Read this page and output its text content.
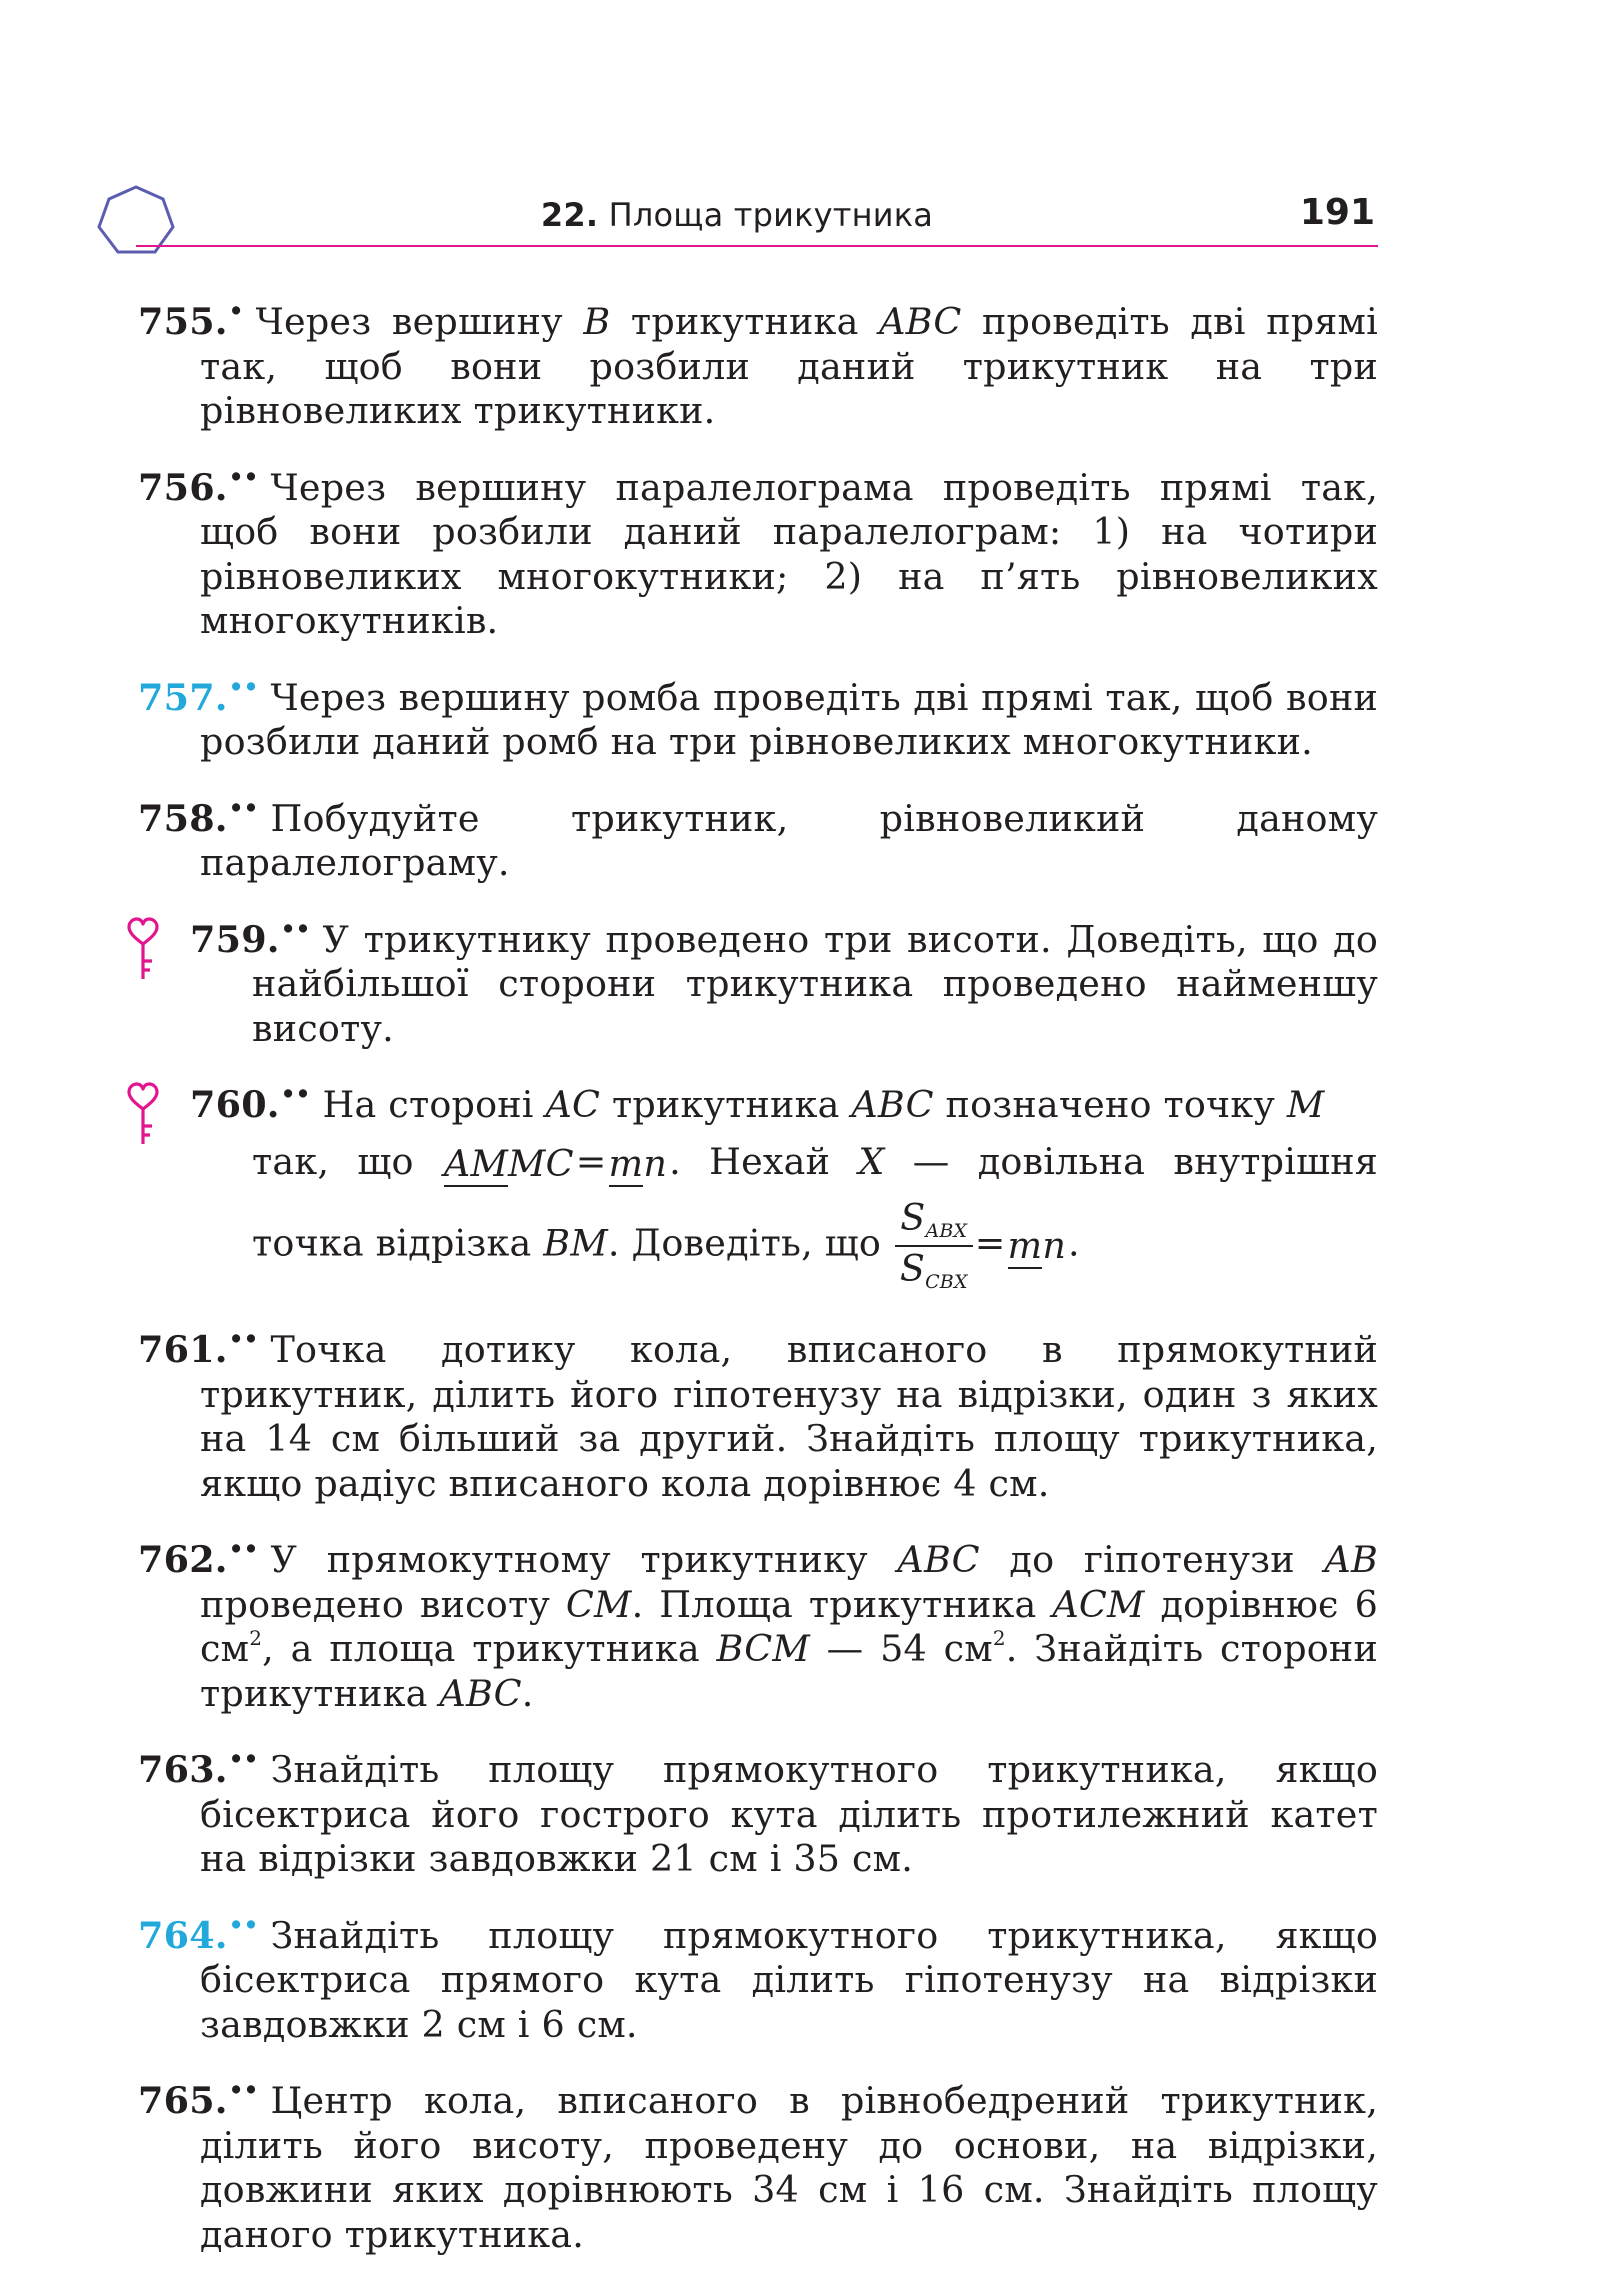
22. Площа трикутника	191
755.• Через вершину B трикутника ABC проведіть дві прямі так, щоб вони розбили даний трикутник на три рівновеликих трикутники.
756.•• Через вершину паралелограма проведіть прямі так, щоб вони розбили даний паралелограм: 1) на чотири рівновеликих многокутники; 2) на п’ять рівновеликих многокутників.
757.•• Через вершину ромба проведіть дві прямі так, щоб вони розбили даний ромб на три рівновеликих многокутники.
758.•• Побудуйте трикутник, рівновеликий даному паралелограму.
759.•• У трикутнику проведено три висоти. Доведіть, що до найбільшої сторони трикутника проведено найменшу висоту.
760.•• На стороні AC трикутника ABC позначено точку M
так, що AMMC=mn. Нехай X — довільна внутрішня
точка відрізка BM. Доведіть, що $\frac{\text{SABX}}{\text{SCBX}} =mn$.
761.•• Точка дотику кола, вписаного в прямокутний трикутник, ділить його гіпотенузу на відрізки, один з яких на 14 см більший за другий. Знайдіть площу трикутника, якщо радіус вписаного кола дорівнює 4 см.
762.•• У прямокутному трикутнику ABC до гіпотенузи AB проведено висоту CM. Площа трикутника ACM дорівнює 6 $см^2$, а площа трикутника BCM — 54 $см^2$. Знайдіть сторони трикутника ABC.
763.•• Знайдіть площу прямокутного трикутника, якщо бісектриса його гострого кута ділить протилежний катет на відрізки завдовжки 21 см і 35 см.
764.•• Знайдіть площу прямокутного трикутника, якщо бісектриса прямого кута ділить гіпотенузу на відрізки завдовжки 2 см і 6 см.
765.•• Центр кола, вписаного в рівнобедрений трикутник, ділить його висоту, проведену до основи, на відрізки, довжини яких дорівнюють 34 см і 16 см. Знайдіть площу даного трикутника.
